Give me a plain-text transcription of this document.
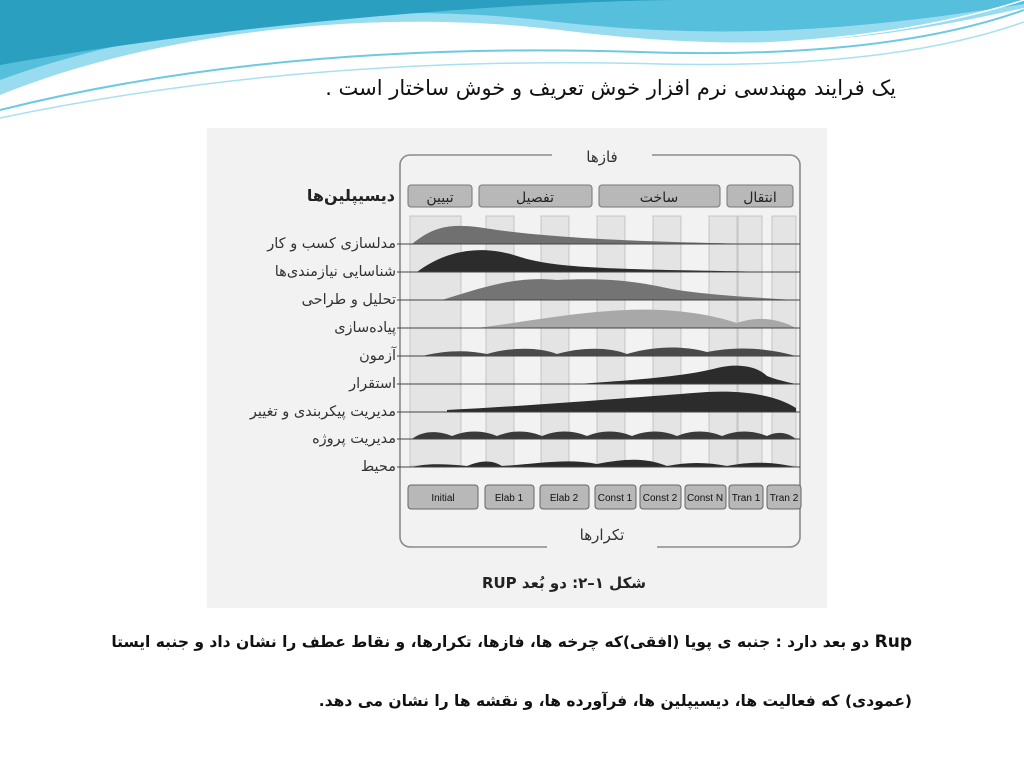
یک فرایند مهندسی نرم افزار خوش تعریف و خوش ساختار است .
فازها
تکرارها
دیسیپلین‌ها
شکل ۱–۲: دو بُعد RUP
تبیین	تفصیل	ساخت	انتقال
مدلسازی کسب و کار
شناسایی نیازمندی‌ها
تحلیل و طراحی
پیاده‌سازی
آزمون
استقرار
مدیریت پیکربندی و تغییر
مدیریت پروژه
محیط
Initial	Elab 1	Elab 2 Const 1 Const 2 Const N Tran 1 Tran 2
Rup دو بعد دارد : جنبه ی پویا (افقی)که چرخه ها، فازها، تکرارها، و نقاط عطف را نشان داد و جنبه ایستا
(عمودی) که فعالیت ها، دیسیپلین ها، فرآورده ها، و نقشه ها را نشان می دهد.
